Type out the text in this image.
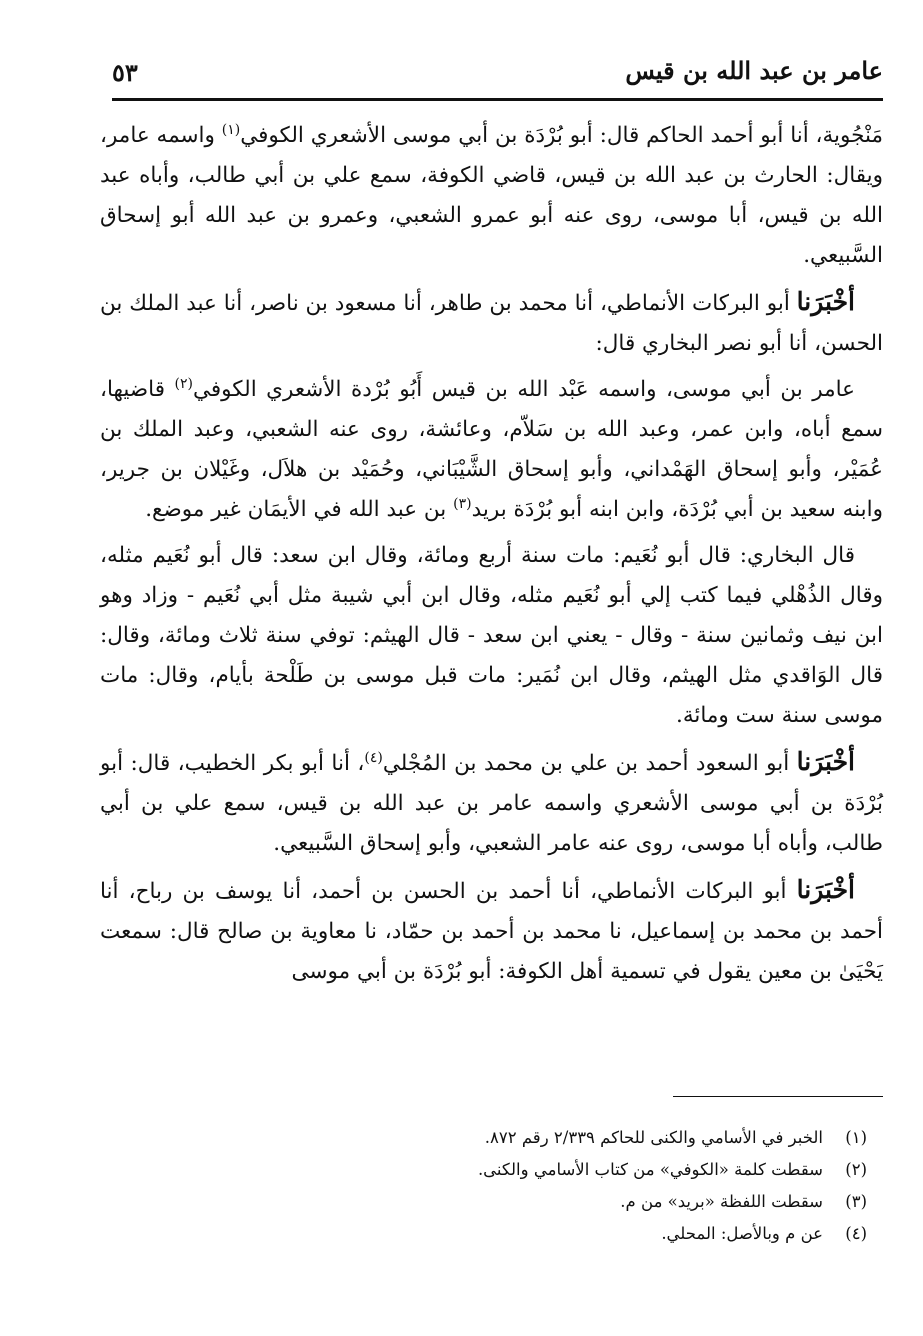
٥٣	عامر بن عبد الله بن قيس

مَنْجُوية، أنا أبو أحمد الحاكم قال: أبو بُرْدَة بن أبي موسى الأشعري الكوفي$^{(١)}$ واسمه عامر، ويقال: الحارث بن عبد الله بن قيس، قاضي الكوفة، سمع علي بن أبي طالب، وأباه عبد الله بن قيس، أبا موسى، روى عنه أبو عمرو الشعبي، وعمرو بن عبد الله أبو إسحاق السَّبيعي.

أخْبَرَنا أبو البركات الأنماطي، أنا محمد بن طاهر، أنا مسعود بن ناصر، أنا عبد الملك بن الحسن، أنا أبو نصر البخاري قال:

عامر بن أبي موسى، واسمه عَبْد الله بن قيس أَبُو بُرْدة الأشعري الكوفي$^{(٢)}$ قاضيها، سمع أباه، وابن عمر، وعبد الله بن سَلاّم، وعائشة، روى عنه الشعبي، وعبد الملك بن عُمَيْر، وأبو إسحاق الهَمْداني، وأبو إسحاق الشَّيْبَاني، وحُمَيْد بن هلاَل، وغَيْلان بن جرير، وابنه سعيد بن أبي بُرْدَة، وابن ابنه أبو بُرْدَة بريد$^{(٣)}$ بن عبد الله في الأيمَان غير موضع.

قال البخاري: قال أبو نُعَيم: مات سنة أربع ومائة، وقال ابن سعد: قال أبو نُعَيم مثله، وقال الذُهْلي فيما كتب إلي أبو نُعَيم مثله، وقال ابن أبي شيبة مثل أبي نُعَيم - وزاد وهو ابن نيف وثمانين سنة - وقال - يعني ابن سعد - قال الهيثم: توفي سنة ثلاث ومائة، وقال: قال الوَاقدي مثل الهيثم، وقال ابن نُمَير: مات قبل موسى بن طَلْحة بأيام، وقال: مات موسى سنة ست ومائة.

أخْبَرَنا أبو السعود أحمد بن علي بن محمد بن المُجْلي$^{(٤)}$، أنا أبو بكر الخطيب، قال: أبو بُرْدَة بن أبي موسى الأشعري واسمه عامر بن عبد الله بن قيس، سمع علي بن أبي طالب، وأباه أبا موسى، روى عنه عامر الشعبي، وأبو إسحاق السَّبيعي.

أخْبَرَنا أبو البركات الأنماطي، أنا أحمد بن الحسن بن أحمد، أنا يوسف بن رباح، أنا أحمد بن محمد بن إسماعيل، نا محمد بن أحمد بن حمّاد، نا معاوية بن صالح قال: سمعت يَحْيَىٰ بن معين يقول في تسمية أهل الكوفة: أبو بُرْدَة بن أبي موسى

(١)الخبر في الأسامي والكنى للحاكم ٢/٣٣٩ رقم ٨٧٢.
(٢)سقطت كلمة «الكوفي» من كتاب الأسامي والكنى.
(٣)سقطت اللفظة «بريد» من م.
(٤)عن م وبالأصل: المحلي.
